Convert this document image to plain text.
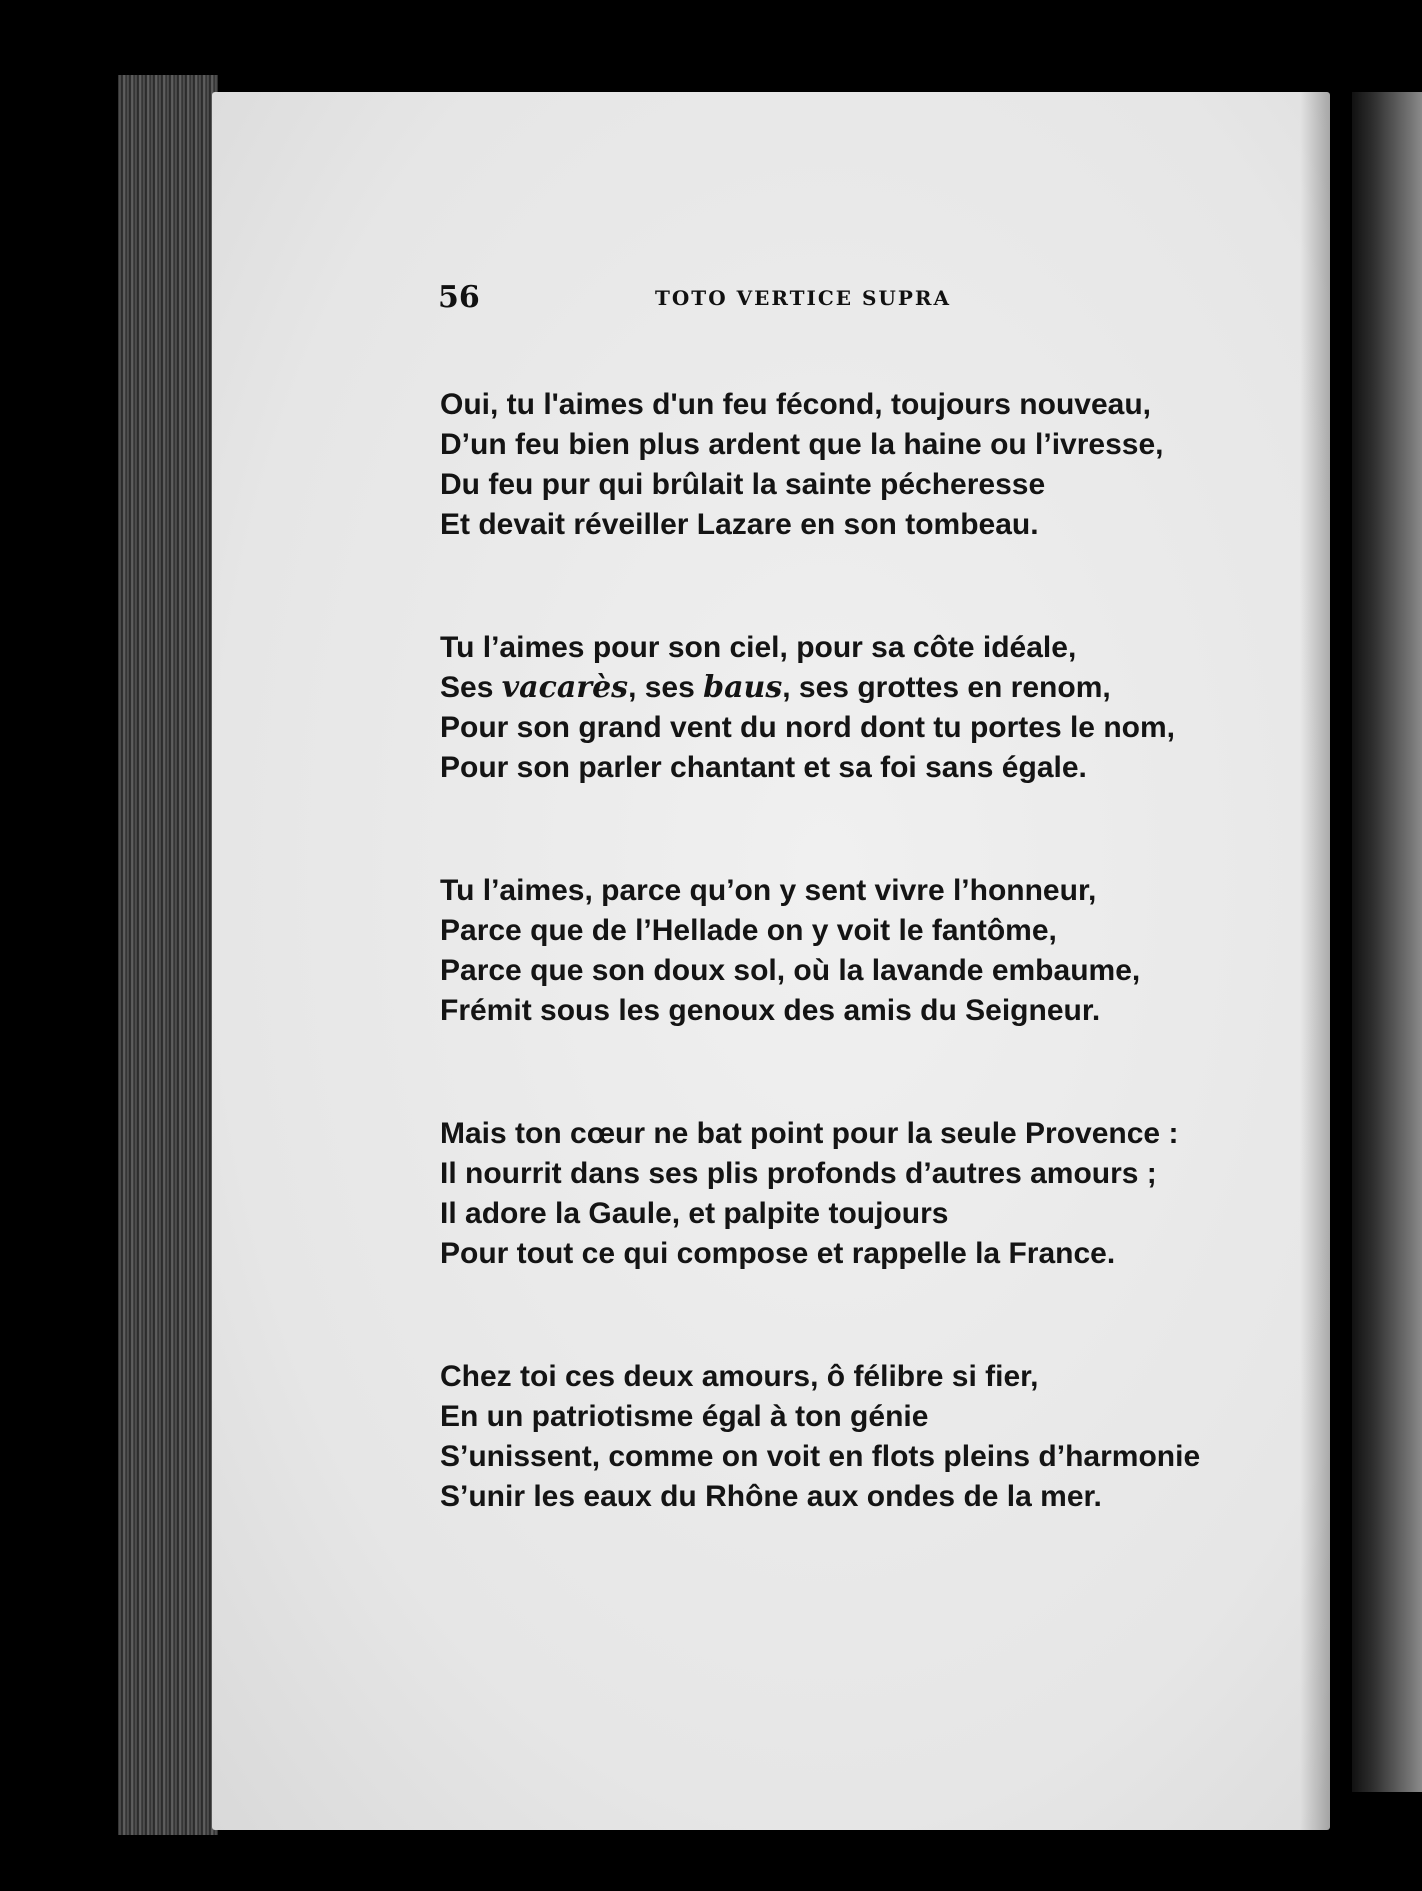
56	TOTO VERTICE SUPRA
Oui, tu l'aimes d'un feu fécond, toujours nouveau,
D’un feu bien plus ardent que la haine ou l’ivresse,
Du feu pur qui brûlait la sainte pécheresse
Et devait réveiller Lazare en son tombeau.
Tu l’aimes pour son ciel, pour sa côte idéale,
Ses vacarès, ses baus, ses grottes en renom,
Pour son grand vent du nord dont tu portes le nom,
Pour son parler chantant et sa foi sans égale.
Tu l’aimes, parce qu’on y sent vivre l’honneur,
Parce que de l’Hellade on y voit le fantôme,
Parce que son doux sol, où la lavande embaume,
Frémit sous les genoux des amis du Seigneur.
Mais ton cœur ne bat point pour la seule Provence :
Il nourrit dans ses plis profonds d’autres amours ;
Il adore la Gaule, et palpite toujours
Pour tout ce qui compose et rappelle la France.
Chez toi ces deux amours, ô félibre si fier,
En un patriotisme égal à ton génie
S’unissent, comme on voit en flots pleins d’harmonie
S’unir les eaux du Rhône aux ondes de la mer.
